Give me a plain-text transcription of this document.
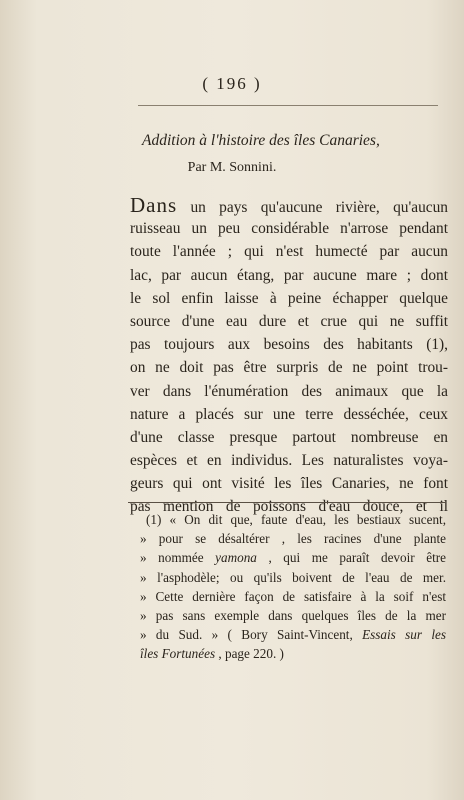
( 196 )
Addition à l'histoire des îles Canaries,
Par M. Sonnini.
Dans un pays qu'aucune rivière, qu'aucun
ruisseau un peu considérable n'arrose pendant
toute l'année ; qui n'est humecté par aucun
lac, par aucun étang, par aucune mare ; dont
le sol enfin laisse à peine échapper quelque
source d'une eau dure et crue qui ne suffit
pas toujours aux besoins des habitants (1),
on ne doit pas être surpris de ne point trou-
ver dans l'énumération des animaux que la
nature a placés sur une terre desséchée, ceux
d'une classe presque partout nombreuse en
espèces et en individus. Les naturalistes voya-
geurs qui ont visité les îles Canaries, ne font
pas mention de poissons d'eau douce, et il
(1) « On dit que, faute d'eau, les bestiaux sucent,
» pour se désaltérer , les racines d'une plante
» nommée yamona , qui me paraît devoir être
» l'asphodèle; ou qu'ils boivent de l'eau de mer.
» Cette dernière façon de satisfaire à la soif n'est
» pas sans exemple dans quelques îles de la mer
» du Sud. » ( Bory Saint-Vincent, Essais sur les
îles Fortunées , page 220. )
